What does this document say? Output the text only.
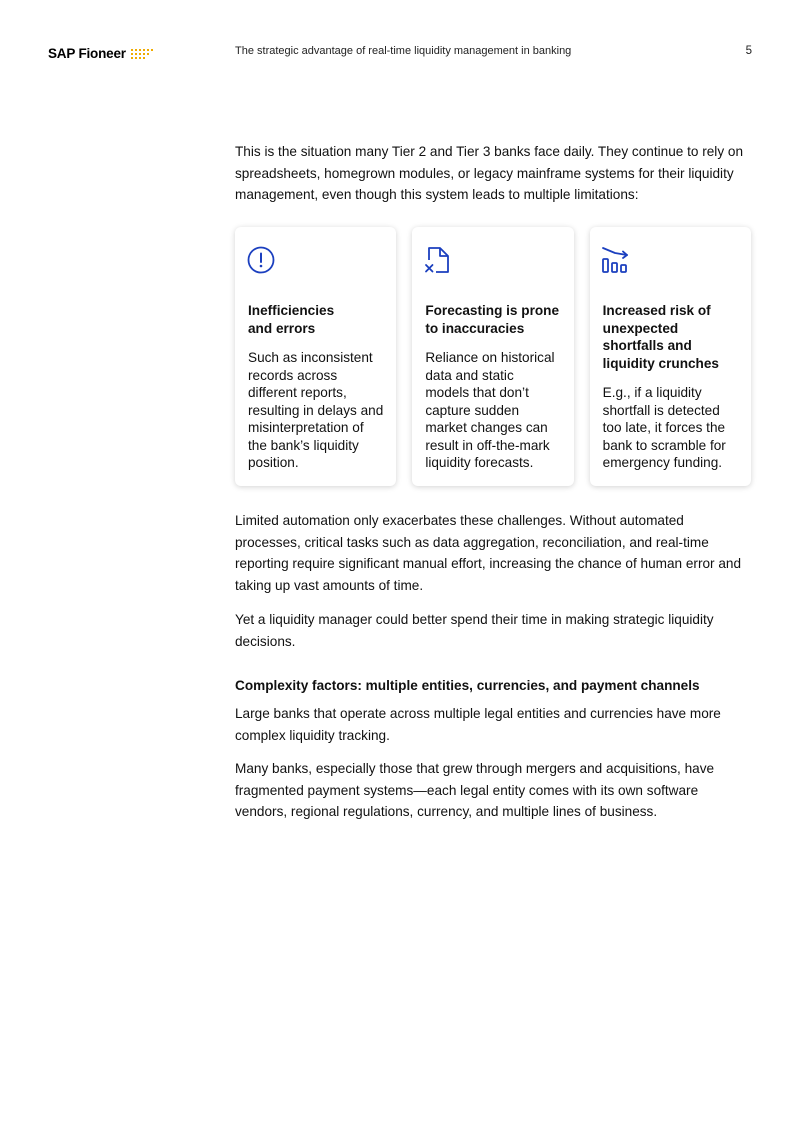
SAP Fioneer	The strategic advantage of real-time liquidity management in banking	5

This is the situation many Tier 2 and Tier 3 banks face daily. They continue to rely on spreadsheets, homegrown modules, or legacy mainframe systems for their liquidity management, even though this system leads to multiple limitations:

Inefficiencies
and errors
Such as inconsistent records across different reports, resulting in delays and misinterpretation of the bank’s liquidity position.
Forecasting is prone to inaccuracies
Reliance on historical data and static models that don’t capture sudden market changes can result in off-the-mark liquidity forecasts.
Increased risk of unexpected shortfalls and liquidity crunches
E.g., if a liquidity shortfall is detected too late, it forces the bank to scramble for emergency funding.

Limited automation only exacerbates these challenges. Without automated processes, critical tasks such as data aggregation, reconciliation, and real-time reporting require significant manual effort, increasing the chance of human error and taking up vast amounts of time.

Yet a liquidity manager could better spend their time in making strategic liquidity decisions.

Complexity factors: multiple entities, currencies, and payment channels

Large banks that operate across multiple legal entities and currencies have more complex liquidity tracking.

Many banks, especially those that grew through mergers and acquisitions, have fragmented payment systems—each legal entity comes with its own software vendors, regional regulations, currency, and multiple lines of business.
